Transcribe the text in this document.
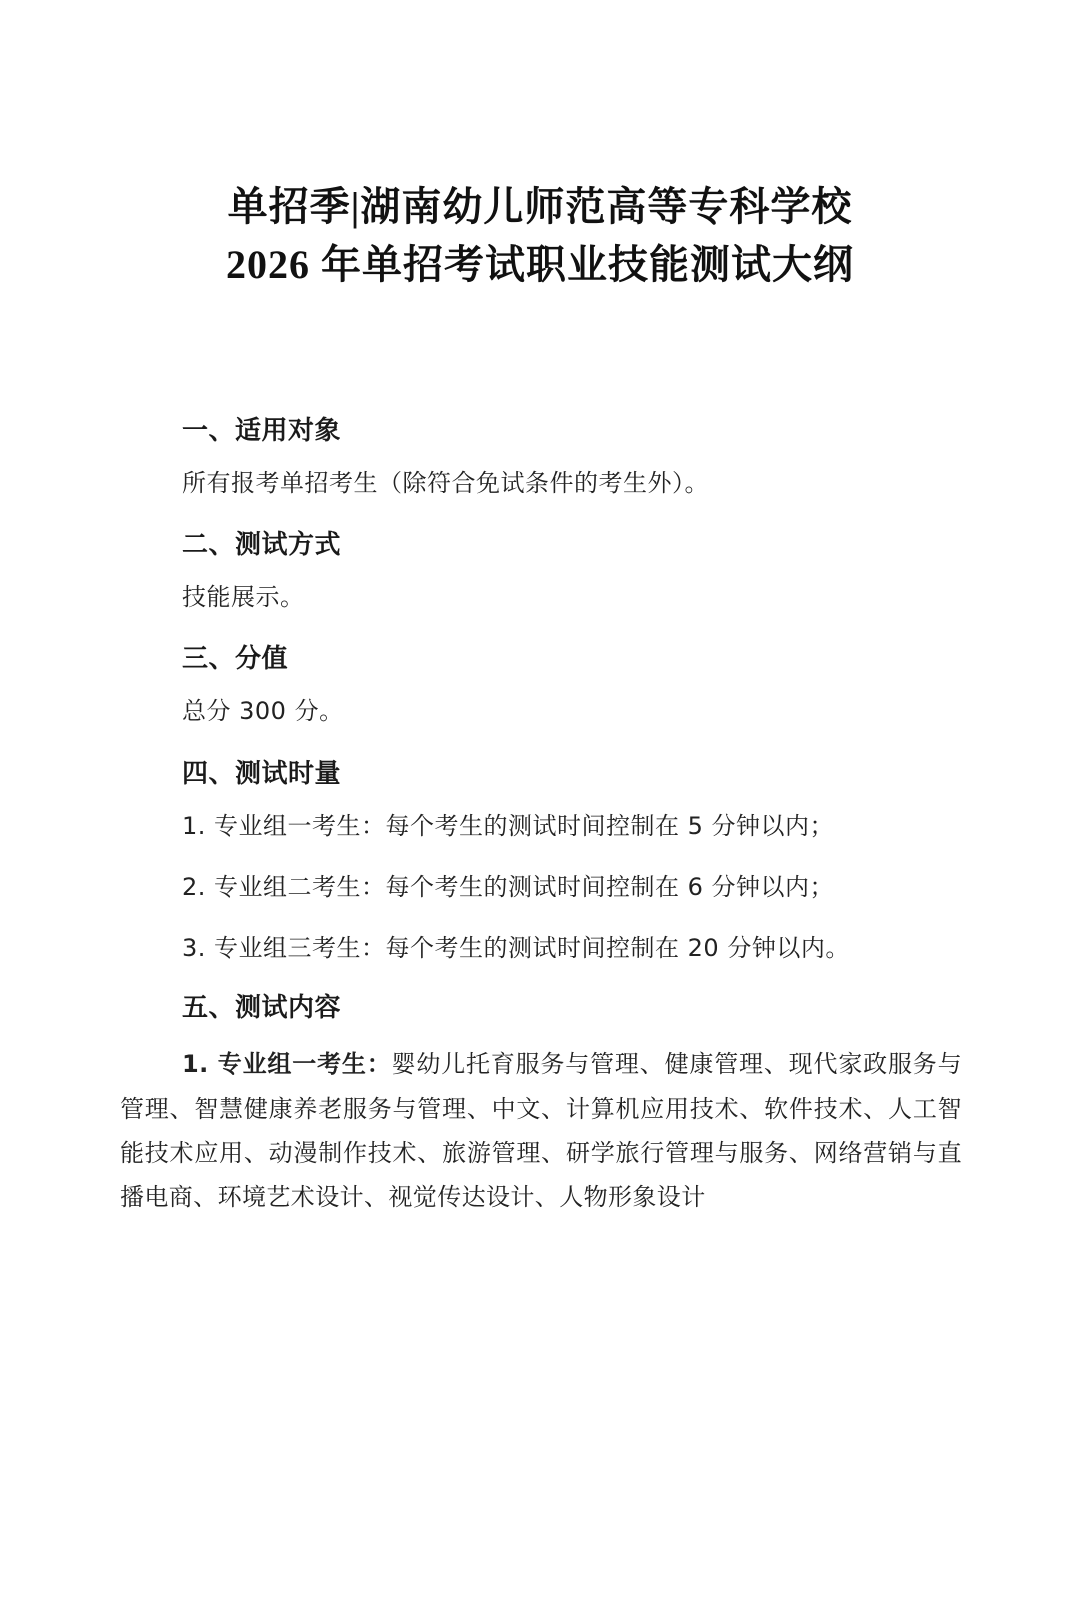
单招季|湖南幼儿师范高等专科学校
2026 年单招考试职业技能测试大纲
一、适用对象

所有报考单招考生（除符合免试条件的考生外）。

二、测试方式

技能展示。

三、分值

总分 300 分。

四、测试时量

1. 专业组一考生：每个考生的测试时间控制在 5 分钟以内；

2. 专业组二考生：每个考生的测试时间控制在 6 分钟以内；

3. 专业组三考生：每个考生的测试时间控制在 20 分钟以内。

五、测试内容

1. 专业组一考生：婴幼儿托育服务与管理、健康管理、现代家政服务与管理、智慧健康养老服务与管理、中文、计算机应用技术、软件技术、人工智能技术应用、动漫制作技术、旅游管理、研学旅行管理与服务、网络营销与直播电商、环境艺术设计、视觉传达设计、人物形象设计
